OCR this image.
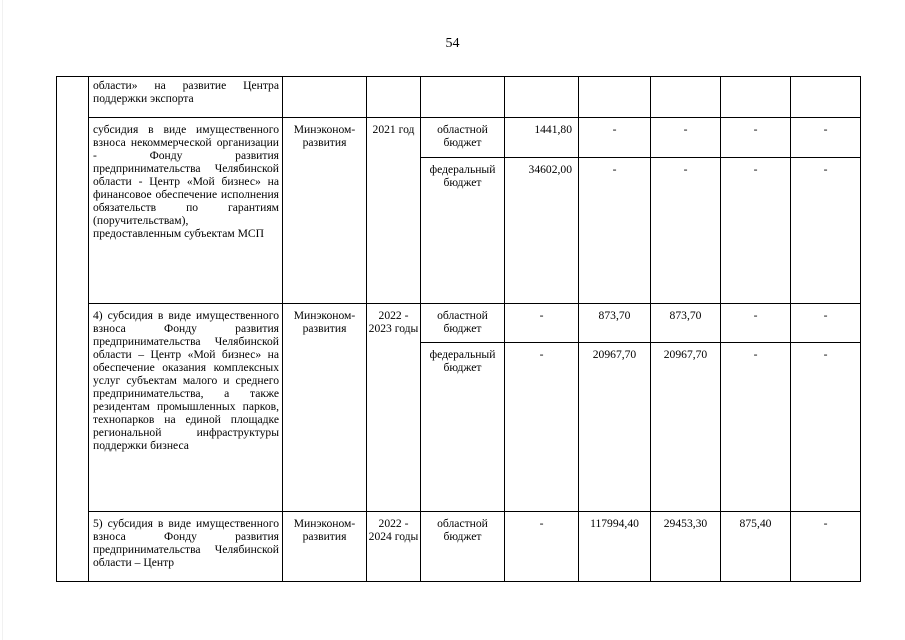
54

	области» на развитие Центра поддержки экспорта								

	субсидия в виде имущественного взноса некоммерческой организации - Фонду развития предпринимательства Челябинской области - Центр «Мой бизнес» на финансовое обеспечение исполнения обязательств по гарантиям (поручительствам), предоставленным субъектам МСП	Минэконом-развития	2021 год	областной бюджет	1441,80	-	-	-	-
				федеральный бюджет	34602,00	-	-	-	-

	4) субсидия в виде имущественного взноса Фонду развития предпринимательства Челябинской области – Центр «Мой бизнес» на обеспечение оказания комплексных услуг субъектам малого и среднего предпринимательства, а также резидентам промышленных парков, технопарков на единой площадке региональной инфраструктуры поддержки бизнеса	Минэконом-развития	2022 - 2023 годы	областной бюджет	-	873,70	873,70	-	-
				федеральный бюджет	-	20967,70	20967,70	-	-

	5) субсидия в виде имущественного взноса Фонду развития предпринимательства Челябинской области – Центр	Минэконом-развития	2022 - 2024 годы	областной бюджет	-	117994,40	29453,30	875,40	-
